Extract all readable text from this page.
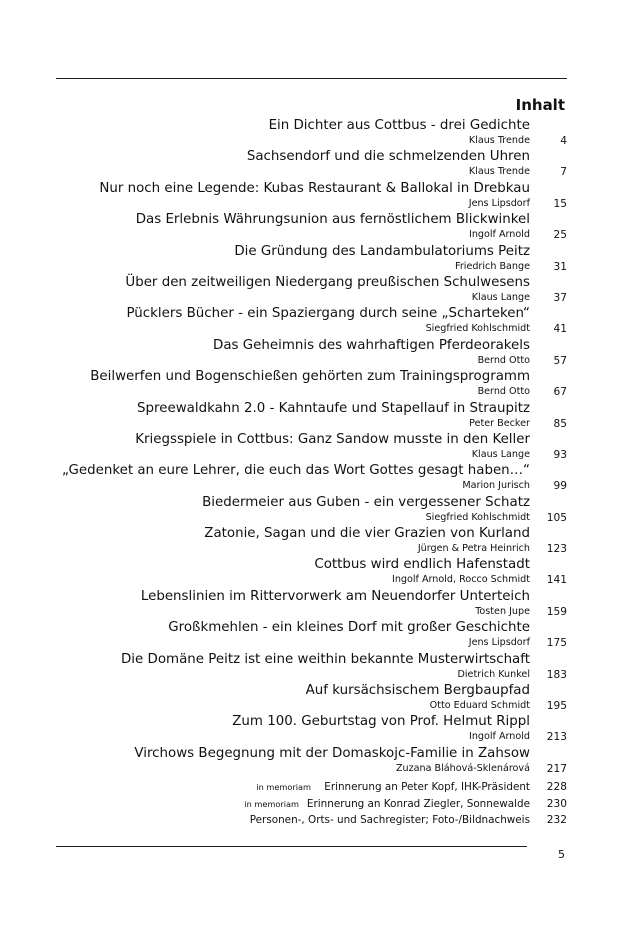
Inhalt
Ein Dichter aus Cottbus - drei Gedichte
Klaus Trende	4
Sachsendorf und die schmelzenden Uhren
Klaus Trende	7
Nur noch eine Legende: Kubas Restaurant & Ballokal in Drebkau
Jens Lipsdorf 15
Das Erlebnis Währungsunion aus fernöstlichem Blickwinkel
Ingolf Arnold 25
Die Gründung des Landambulatoriums Peitz
Friedrich Bange 31
Über den zeitweiligen Niedergang preußischen Schulwesens
Klaus Lange 37
Pücklers Bücher - ein Spaziergang durch seine „Scharteken“
Siegfried Kohlschmidt 41
Das Geheimnis des wahrhaftigen Pferdeorakels
Bernd Otto 57
Beilwerfen und Bogenschießen gehörten zum Trainingsprogramm
Bernd Otto 67
Spreewaldkahn 2.0 - Kahntaufe und Stapellauf in Straupitz
Peter Becker 85
Kriegsspiele in Cottbus: Ganz Sandow musste in den Keller
Klaus Lange 93
„Gedenket an eure Lehrer, die euch das Wort Gottes gesagt haben…“
Marion Jurisch 99
Biedermeier aus Guben - ein vergessener Schatz
Siegfried Kohlschmidt 105
Zatonie, Sagan und die vier Grazien von Kurland
Jürgen & Petra Heinrich 123
Cottbus wird endlich Hafenstadt
Ingolf Arnold, Rocco Schmidt 141
Lebenslinien im Rittervorwerk am Neuendorfer Unterteich
Tosten Jupe 159
Großkmehlen - ein kleines Dorf mit großer Geschichte
Jens Lipsdorf 175
Die Domäne Peitz ist eine weithin bekannte Musterwirtschaft
Dietrich Kunkel 183
Auf kursächsischem Bergbaupfad
Otto Eduard Schmidt 195
Zum 100. Geburtstag von Prof. Helmut Rippl
Ingolf Arnold 213
Virchows Begegnung mit der Domaskojc-Familie in Zahsow
Zuzana Bláhová-Sklenárová 217
in memoriam Erinnerung an Peter Kopf, IHK-Präsident 228
in memoriam Erinnerung an Konrad Ziegler, Sonnewalde 230
Personen-, Orts- und Sachregister; Foto-/Bildnachweis 232
5
